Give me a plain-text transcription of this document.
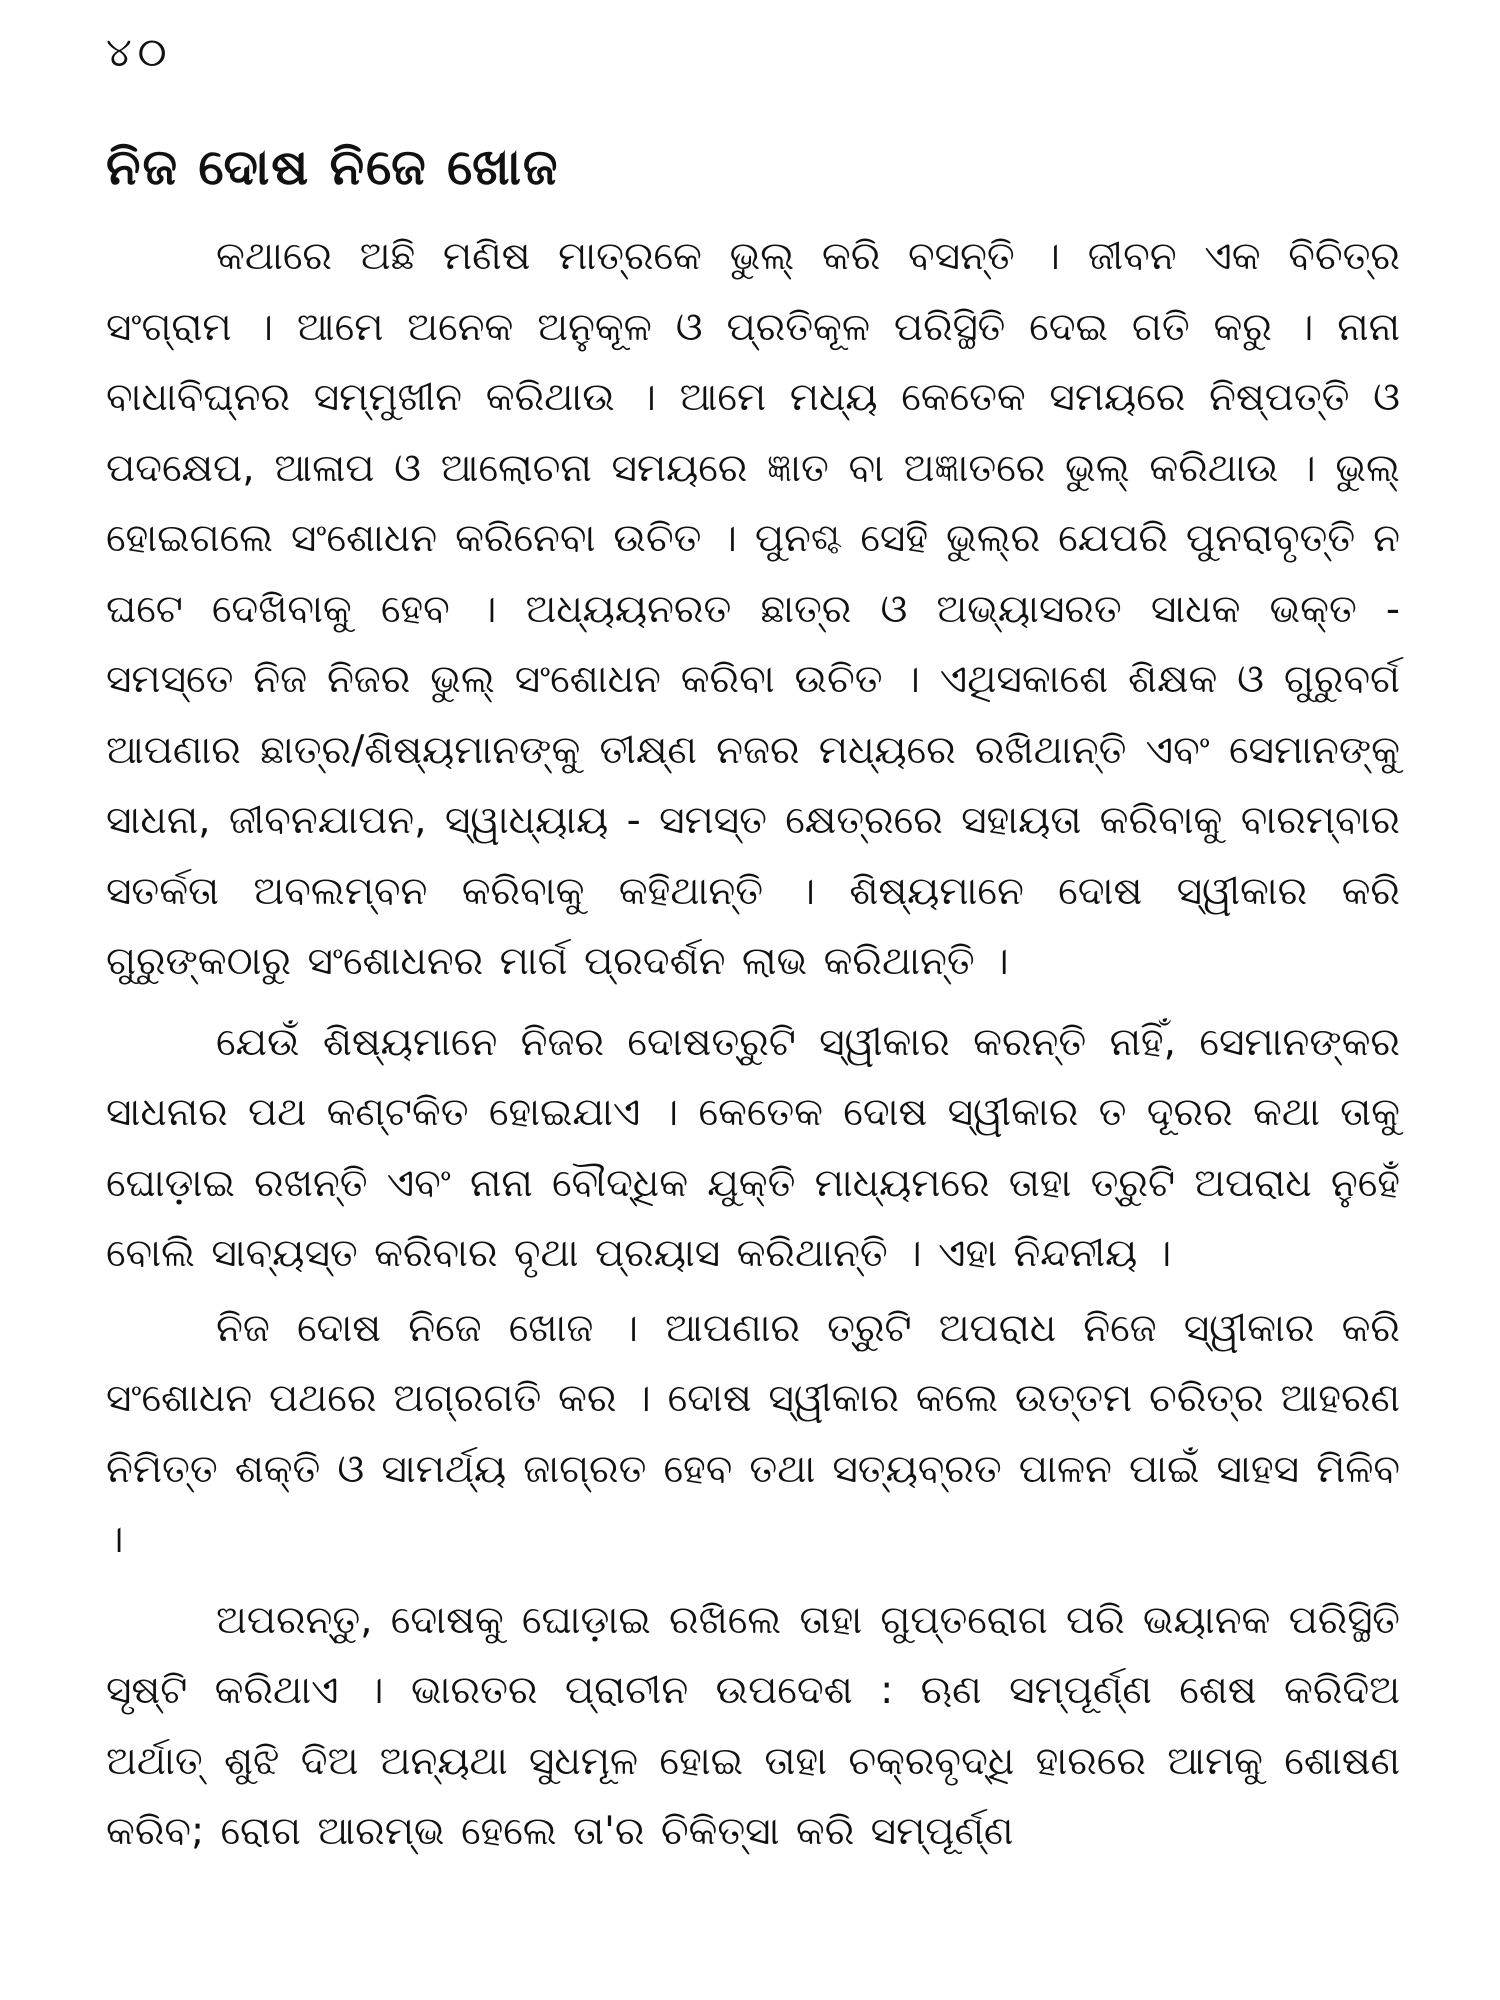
୪୦
ନିଜ ଦୋଷ ନିଜେ ଖୋଜ

କଥାରେ ଅଛି ମଣିଷ ମାତ୍ରକେ ଭୁଲ୍ କରି ବସନ୍ତି । ଜୀବନ ଏକ ବିଚିତ୍ର ସଂଗ୍ରାମ । ଆମେ ଅନେକ ଅନୁକୂଳ ଓ ପ୍ରତିକୂଳ ପରିସ୍ଥିତି ଦେଇ ଗତି କରୁ । ନାନା ବାଧାବିଘ୍ନର ସମ୍ମୁଖୀନ କରିଥାଉ । ଆମେ ମଧ୍ୟ କେତେକ ସମୟରେ ନିଷ୍ପତ୍ତି ଓ ପଦକ୍ଷେପ, ଆଳାପ ଓ ଆଲୋଚନା ସମୟରେ ଜ୍ଞାତ ବା ଅଜ୍ଞାତରେ ଭୁଲ୍ କରିଥାଉ । ଭୁଲ୍ ହୋଇଗଲେ ସଂଶୋଧନ କରିନେବା ଉଚିତ । ପୁନଶ୍ଚ ସେହି ଭୁଲ୍‌ର ଯେପରି ପୁନରାବୃତ୍ତି ନ ଘଟେ ଦେଖିବାକୁ ହେବ । ଅଧ୍ୟୟନରତ ଛାତ୍ର ଓ ଅଭ୍ୟାସରତ ସାଧକ ଭକ୍ତ - ସମସ୍ତେ ନିଜ ନିଜର ଭୁଲ୍ ସଂଶୋଧନ କରିବା ଉଚିତ । ଏଥିସକାଶେ ଶିକ୍ଷକ ଓ ଗୁରୁବର୍ଗ ଆପଣାର ଛାତ୍ର/ଶିଷ୍ୟମାନଙ୍କୁ ତୀକ୍ଷ୍ଣ ନଜର ମଧ୍ୟରେ ରଖିଥାନ୍ତି ଏବଂ ସେମାନଙ୍କୁ ସାଧନା, ଜୀବନଯାପନ, ସ୍ୱାଧ୍ୟାୟ - ସମସ୍ତ କ୍ଷେତ୍ରରେ ସହାୟତା କରିବାକୁ ବାରମ୍ବାର ସତର୍କତା ଅବଲମ୍ବନ କରିବାକୁ କହିଥାନ୍ତି । ଶିଷ୍ୟମାନେ ଦୋଷ ସ୍ୱୀକାର କରି ଗୁରୁଙ୍କଠାରୁ ସଂଶୋଧନର ମାର୍ଗ ପ୍ରଦର୍ଶନ ଲାଭ କରିଥାନ୍ତି ।

ଯେଉଁ ଶିଷ୍ୟମାନେ ନିଜର ଦୋଷତ୍ରୁଟି ସ୍ୱୀକାର କରନ୍ତି ନାହିଁ, ସେମାନଙ୍କର ସାଧନାର ପଥ କଣ୍ଟକିତ ହୋଇଯାଏ । କେତେକ ଦୋଷ ସ୍ୱୀକାର ତ ଦୂରର କଥା ତାକୁ ଘୋଡ଼ାଇ ରଖନ୍ତି ଏବଂ ନାନା ବୌଦ୍ଧିକ ଯୁକ୍ତି ମାଧ୍ୟମରେ ତାହା ତ୍ରୁଟି ଅପରାଧ ନୁହେଁ ବୋଲି ସାବ୍ୟସ୍ତ କରିବାର ବୃଥା ପ୍ରୟାସ କରିଥାନ୍ତି । ଏହା ନିନ୍ଦନୀୟ ।

ନିଜ ଦୋଷ ନିଜେ ଖୋଜ । ଆପଣାର ତ୍ରୁଟି ଅପରାଧ ନିଜେ ସ୍ୱୀକାର କରି ସଂଶୋଧନ ପଥରେ ଅଗ୍ରଗତି କର । ଦୋଷ ସ୍ୱୀକାର କଲେ ଉତ୍ତମ ଚରିତ୍ର ଆହରଣ ନିମିତ୍ତ ଶକ୍ତି ଓ ସାମର୍ଥ୍ୟ ଜାଗ୍ରତ ହେବ ତଥା ସତ୍ୟବ୍ରତ ପାଳନ ପାଇଁ ସାହସ ମିଳିବ ।

ଅପରନ୍ତୁ, ଦୋଷକୁ ଘୋଡ଼ାଇ ରଖିଲେ ତାହା ଗୁପ୍ତରୋଗ ପରି ଭୟାନକ ପରିସ୍ଥିତି ସୃଷ୍ଟି କରିଥାଏ । ଭାରତର ପ୍ରାଚୀନ ଉପଦେଶ : ଋଣ ସମ୍ପୂର୍ଣ୍ଣ ଶେଷ କରିଦିଅ ଅର୍ଥାତ୍ ଶୁଝି ଦିଅ ଅନ୍ୟଥା ସୁଧମୂଳ ହୋଇ ତାହା ଚକ୍ରବୃଦ୍ଧି ହାରରେ ଆମକୁ ଶୋଷଣ କରିବ; ରୋଗ ଆରମ୍ଭ ହେଲେ ତା'ର ଚିକିତ୍ସା କରି ସମ୍ପୂର୍ଣ୍ଣ
